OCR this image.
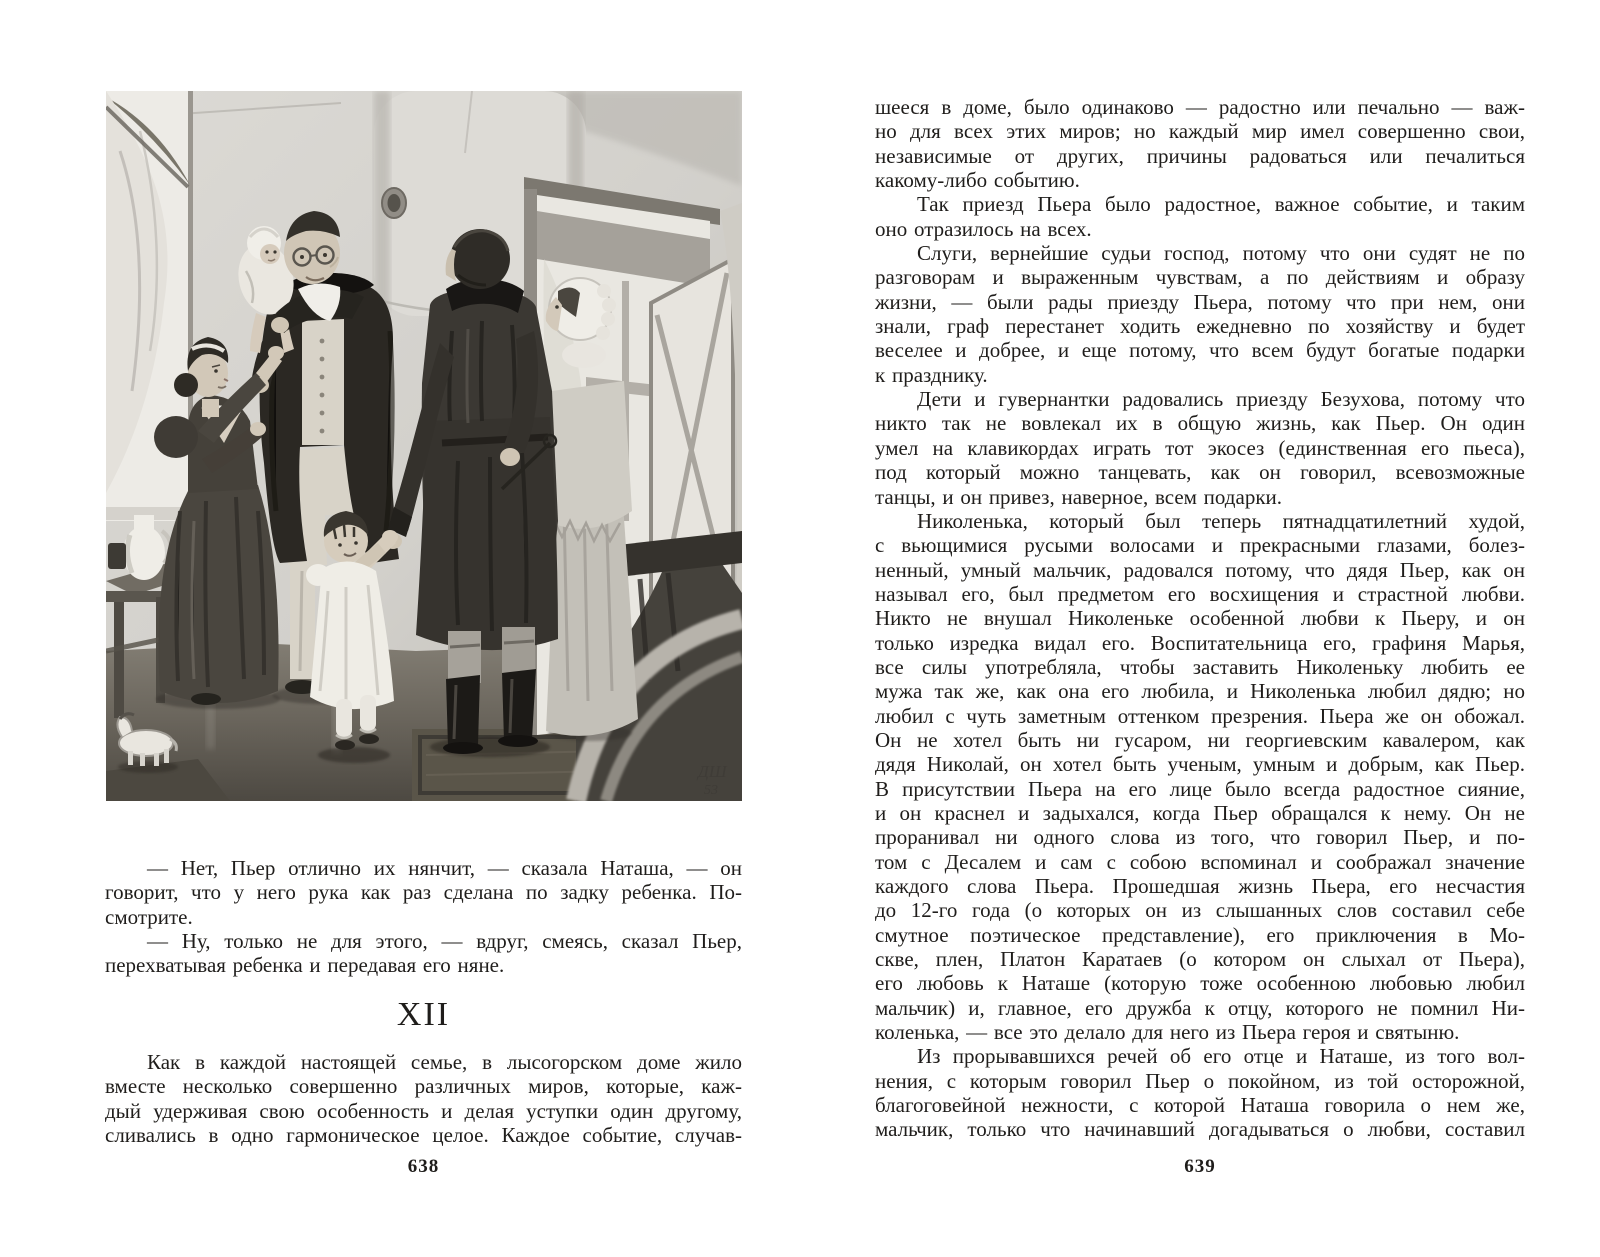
ДШ
53
— Нет, Пьер отлично их нянчит, — сказала Наташа, — он
говорит, что у него рука как раз сделана по задку ребенка. По-
смотрите.
— Ну, только не для этого, — вдруг, смеясь, сказал Пьер,
перехватывая ребенка и передавая его няне.
XII
Как в каждой настоящей семье, в лысогорском доме жило
вместе несколько совершенно различных миров, которые, каж-
дый удерживая свою особенность и делая уступки один другому,
сливались в одно гармоническое целое. Каждое событие, случав-
638
шееся в доме, было одинаково — радостно или печально — важ-
но для всех этих миров; но каждый мир имел совершенно свои,
независимые от других, причины радоваться или печалиться
какому-либо событию.
Так приезд Пьера было радостное, важное событие, и таким
оно отразилось на всех.
Слуги, вернейшие судьи господ, потому что они судят не по
разговорам и выраженным чувствам, а по действиям и образу
жизни, — были рады приезду Пьера, потому что при нем, они
знали, граф перестанет ходить ежедневно по хозяйству и будет
веселее и добрее, и еще потому, что всем будут богатые подарки
к празднику.
Дети и гувернантки радовались приезду Безухова, потому что
никто так не вовлекал их в общую жизнь, как Пьер. Он один
умел на клавикордах играть тот экосез (единственная его пьеса),
под который можно танцевать, как он говорил, всевозможные
танцы, и он привез, наверное, всем подарки.
Николенька, который был теперь пятнадцатилетний худой,
с вьющимися русыми волосами и прекрасными глазами, болез-
ненный, умный мальчик, радовался потому, что дядя Пьер, как он
называл его, был предметом его восхищения и страстной любви.
Никто не внушал Николеньке особенной любви к Пьеру, и он
только изредка видал его. Воспитательница его, графиня Марья,
все силы употребляла, чтобы заставить Николеньку любить ее
мужа так же, как она его любила, и Николенька любил дядю; но
любил с чуть заметным оттенком презрения. Пьера же он обожал.
Он не хотел быть ни гусаром, ни георгиевским кавалером, как
дядя Николай, он хотел быть ученым, умным и добрым, как Пьер.
В присутствии Пьера на его лице было всегда радостное сияние,
и он краснел и задыхался, когда Пьер обращался к нему. Он не
проранивал ни одного слова из того, что говорил Пьер, и по-
том с Десалем и сам с собою вспоминал и соображал значение
каждого слова Пьера. Прошедшая жизнь Пьера, его несчастия
до 12-го года (о которых он из слышанных слов составил себе
смутное поэтическое представление), его приключения в Мо-
скве, плен, Платон Каратаев (о котором он слыхал от Пьера),
его любовь к Наташе (которую тоже особенною любовью любил
мальчик) и, главное, его дружба к отцу, которого не помнил Ни-
коленька, — все это делало для него из Пьера героя и святыню.
Из прорывавшихся речей об его отце и Наташе, из того вол-
нения, с которым говорил Пьер о покойном, из той осторожной,
благоговейной нежности, с которой Наташа говорила о нем же,
мальчик, только что начинавший догадываться о любви, составил
639
